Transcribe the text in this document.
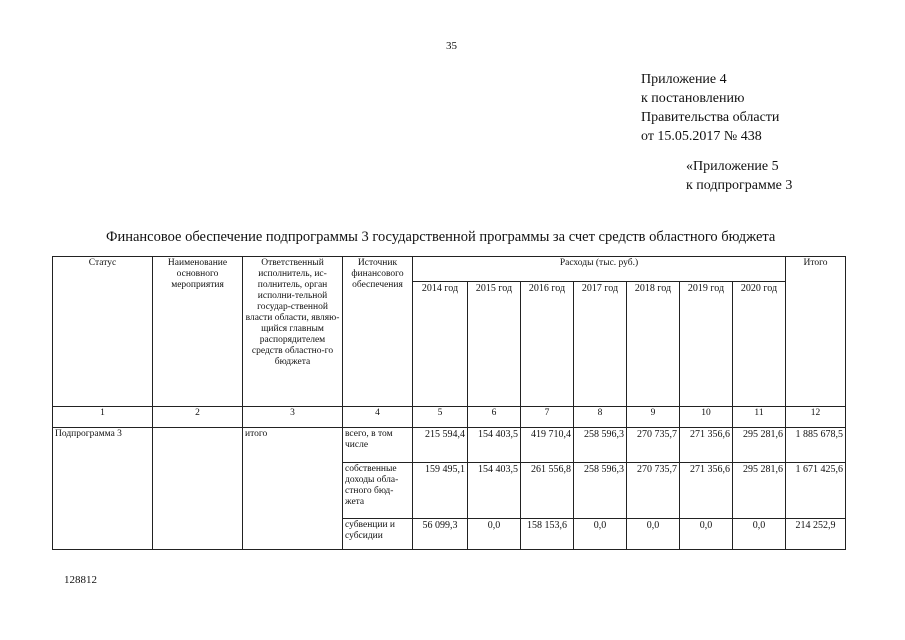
35
Приложение 4
к постановлению
Правительства области
от 15.05.2017 № 438
«Приложение 5
к подпрограмме 3
Финансовое обеспечение подпрограммы 3 государственной программы за счет средств областного бюджета
Статус	Наименование основного мероприятия	Ответственный исполнитель, ис-полнитель, орган исполни-тельной государ-ственной власти области, являю-щийся главным распорядителем средств областно-го бюджета	Источник финансового обеспечения	Расходы (тыс. руб.)							Итого
				2014 год	2015 год	2016 год	2017 год	2018 год	2019 год	2020 год	
1	2	3	4	5	6	7	8	9	10	11	12
Подпрограмма 3		итого	всего, в том числе	215 594,4	154 403,5	419 710,4	258 596,3	270 735,7	271 356,6	295 281,6	1 885 678,5
			собственные доходы обла-стного бюд-жета	159 495,1	154 403,5	261 556,8	258 596,3	270 735,7	271 356,6	295 281,6	1 671 425,6
			субвенции и субсидии	56 099,3	0,0	158 153,6	0,0	0,0	0,0	0,0	214 252,9
128812
